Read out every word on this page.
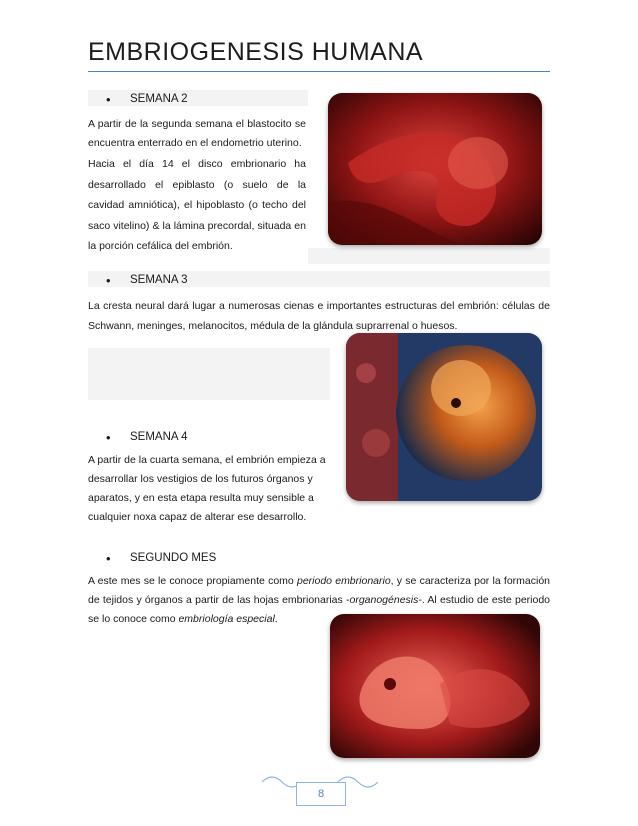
EMBRIOGENESIS HUMANA
• SEMANA 2

A partir de la segunda semana el blastocito se encuentra enterrado en el endometrio uterino.

Hacia el día 14 el disco embrionario ha desarrollado el epiblasto (o suelo de la cavidad amniótica), el hipoblasto (o techo del saco vitelino) & la lámina precordal, situada en la porción cefálica del embrión.

• SEMANA 3

La cresta neural dará lugar a numerosas cienas e importantes estructuras del embrión: células de Schwann, meninges, melanocitos, médula de la glándula suprarrenal o huesos.

• SEMANA 4

A partir de la cuarta semana, el embrión empieza a desarrollar los vestigios de los futuros órganos y aparatos, y en esta etapa resulta muy sensible a cualquier noxa capaz de alterar ese desarrollo.

• SEGUNDO MES

A este mes se le conoce propiamente como periodo embrionario, y se caracteriza por la formación de tejidos y órganos a partir de las hojas embrionarias -organogénesis-. Al estudio de este periodo se lo conoce como embriología especial.

8
